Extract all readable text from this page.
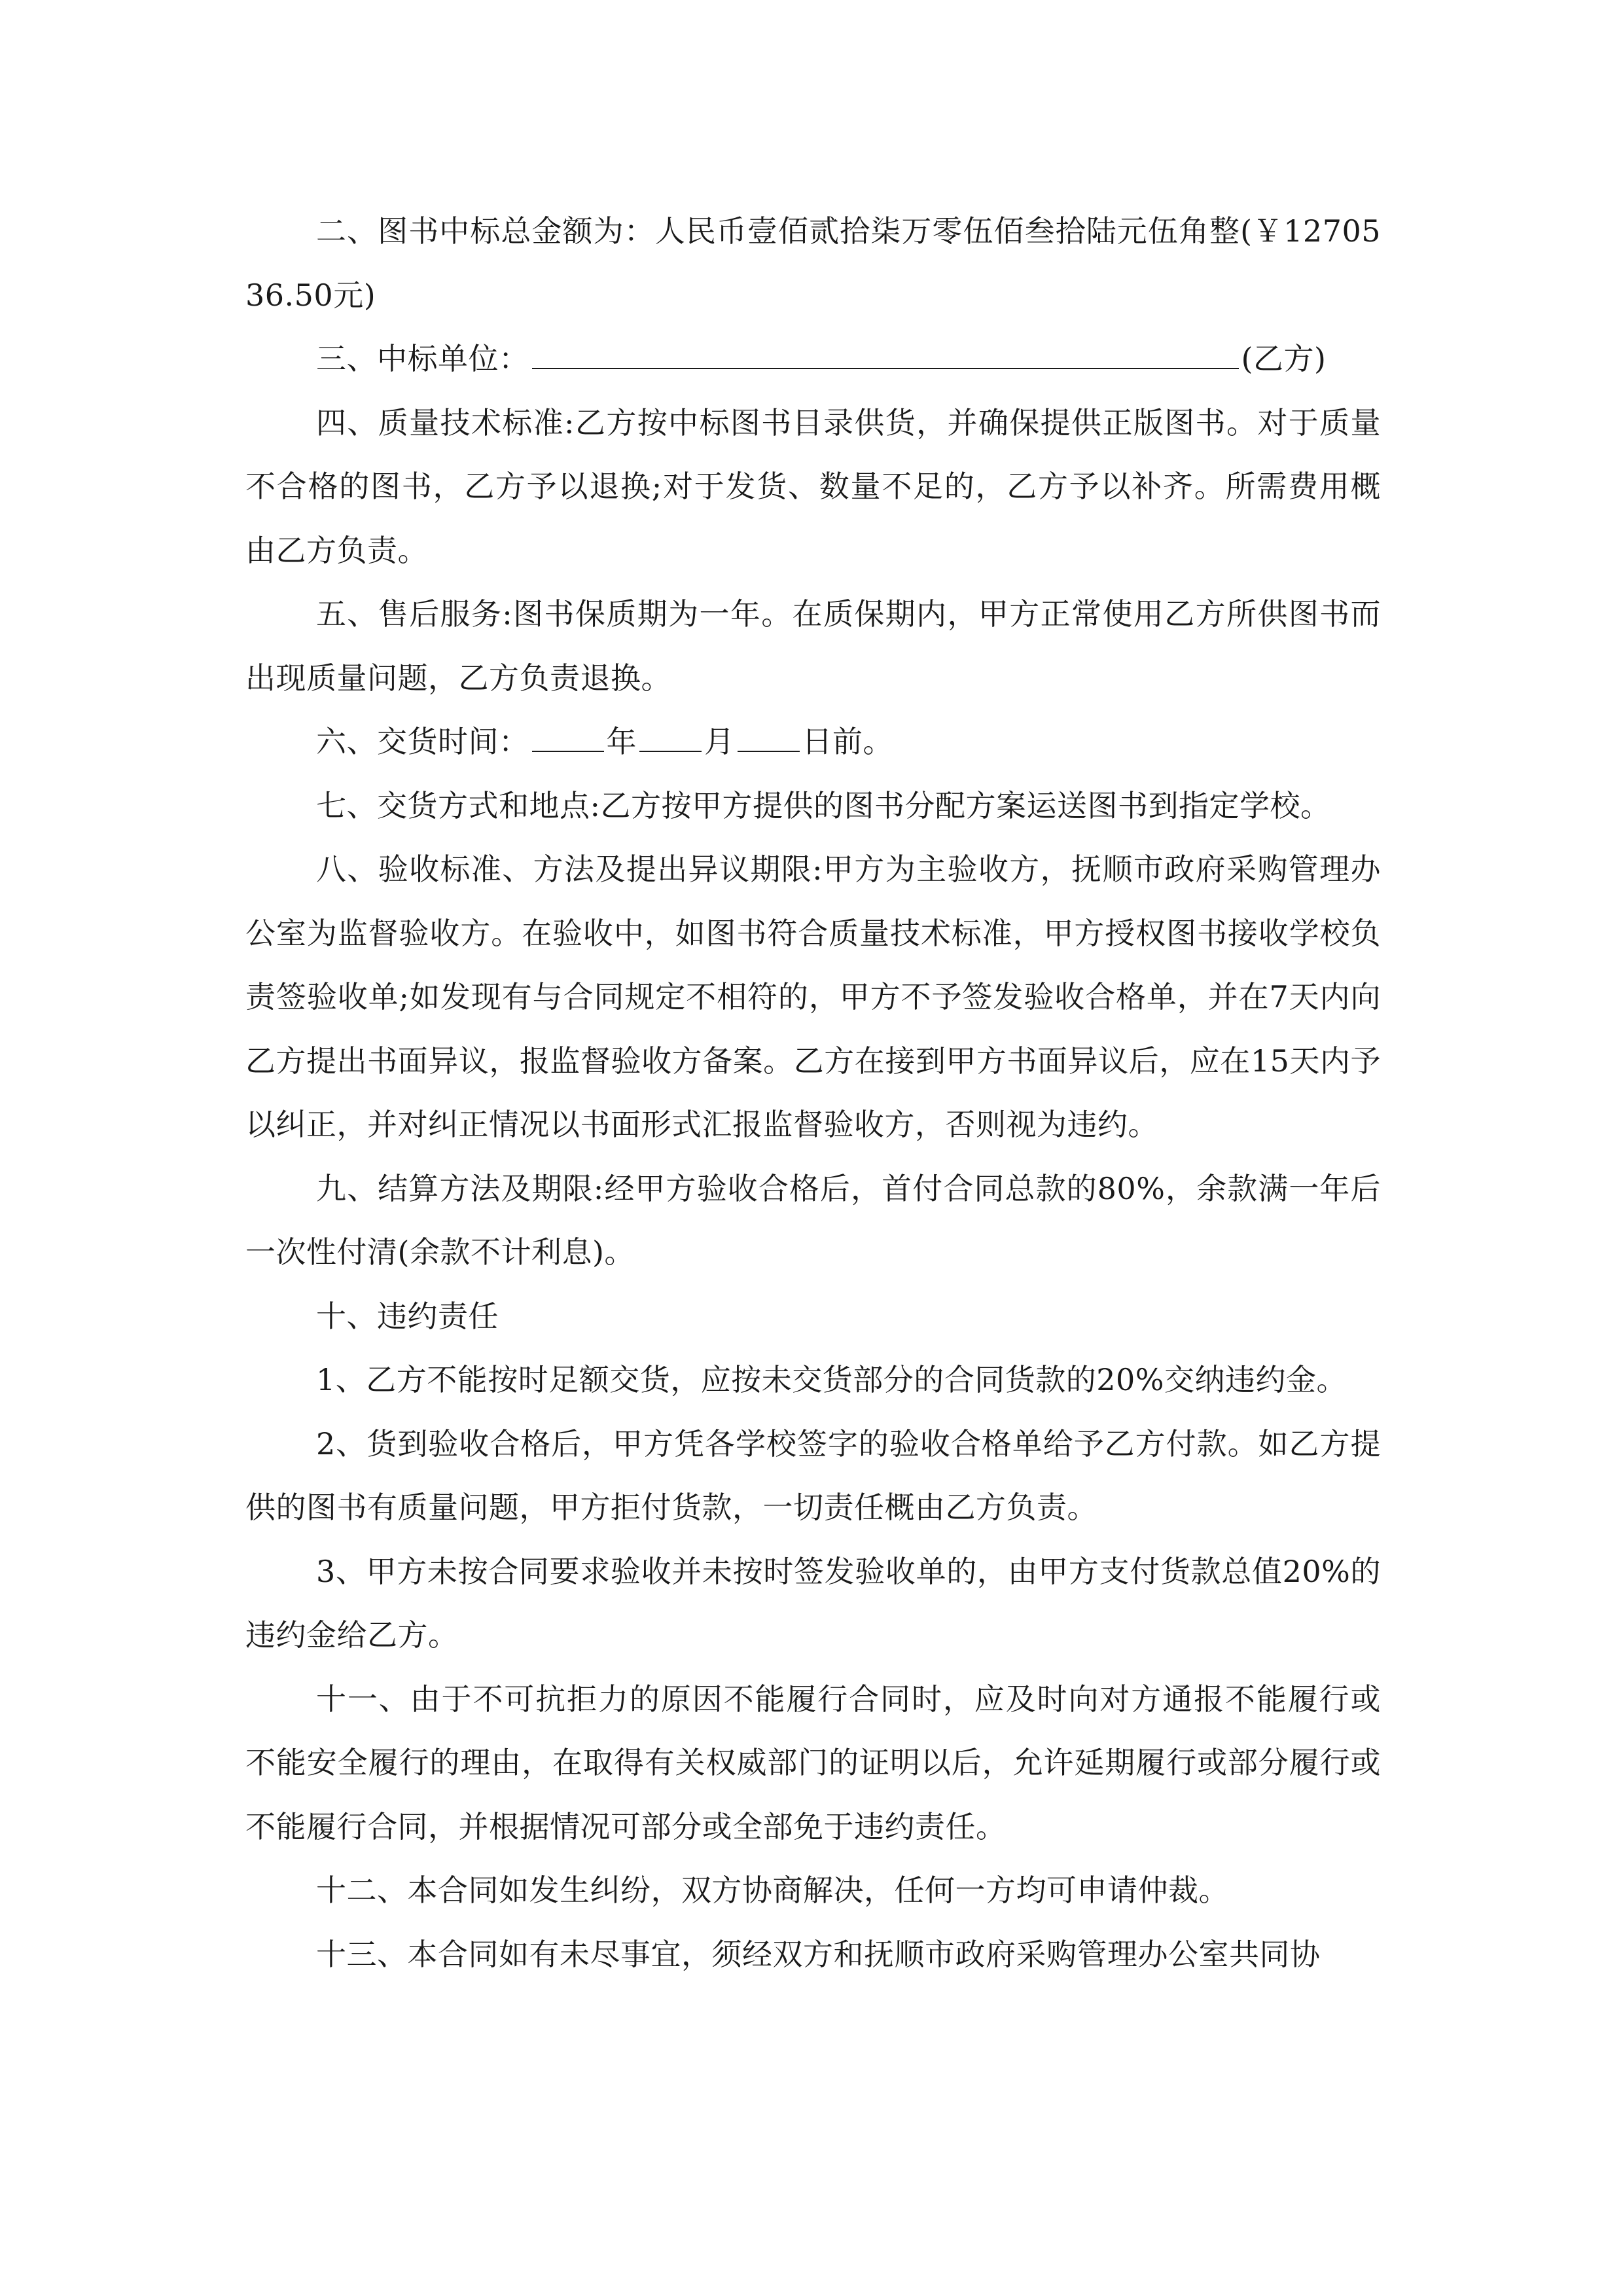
二、图书中标总金额为：人民币壹佰贰拾柒万零伍佰叁拾陆元伍角整(￥1270536.50元)

三、中标单位：	(乙方)

四、质量技术标准:乙方按中标图书目录供货，并确保提供正版图书。对于质量不合格的图书，乙方予以退换;对于发货、数量不足的，乙方予以补齐。所需费用概由乙方负责。

五、售后服务:图书保质期为一年。在质保期内，甲方正常使用乙方所供图书而出现质量问题，乙方负责退换。

六、交货时间：	年 月 日前。

七、交货方式和地点:乙方按甲方提供的图书分配方案运送图书到指定学校。

八、验收标准、方法及提出异议期限:甲方为主验收方，抚顺市政府采购管理办公室为监督验收方。在验收中，如图书符合质量技术标准，甲方授权图书接收学校负责签验收单;如发现有与合同规定不相符的，甲方不予签发验收合格单，并在7天内向乙方提出书面异议，报监督验收方备案。乙方在接到甲方书面异议后，应在15天内予以纠正，并对纠正情况以书面形式汇报监督验收方，否则视为违约。

九、结算方法及期限:经甲方验收合格后，首付合同总款的80%，余款满一年后一次性付清(余款不计利息)。

十、违约责任

1、乙方不能按时足额交货，应按未交货部分的合同货款的20%交纳违约金。

2、货到验收合格后，甲方凭各学校签字的验收合格单给予乙方付款。如乙方提供的图书有质量问题，甲方拒付货款，一切责任概由乙方负责。

3、甲方未按合同要求验收并未按时签发验收单的，由甲方支付货款总值20%的违约金给乙方。

十一、由于不可抗拒力的原因不能履行合同时，应及时向对方通报不能履行或不能安全履行的理由，在取得有关权威部门的证明以后，允许延期履行或部分履行或不能履行合同，并根据情况可部分或全部免于违约责任。

十二、本合同如发生纠纷，双方协商解决，任何一方均可申请仲裁。

十三、本合同如有未尽事宜，须经双方和抚顺市政府采购管理办公室共同协
